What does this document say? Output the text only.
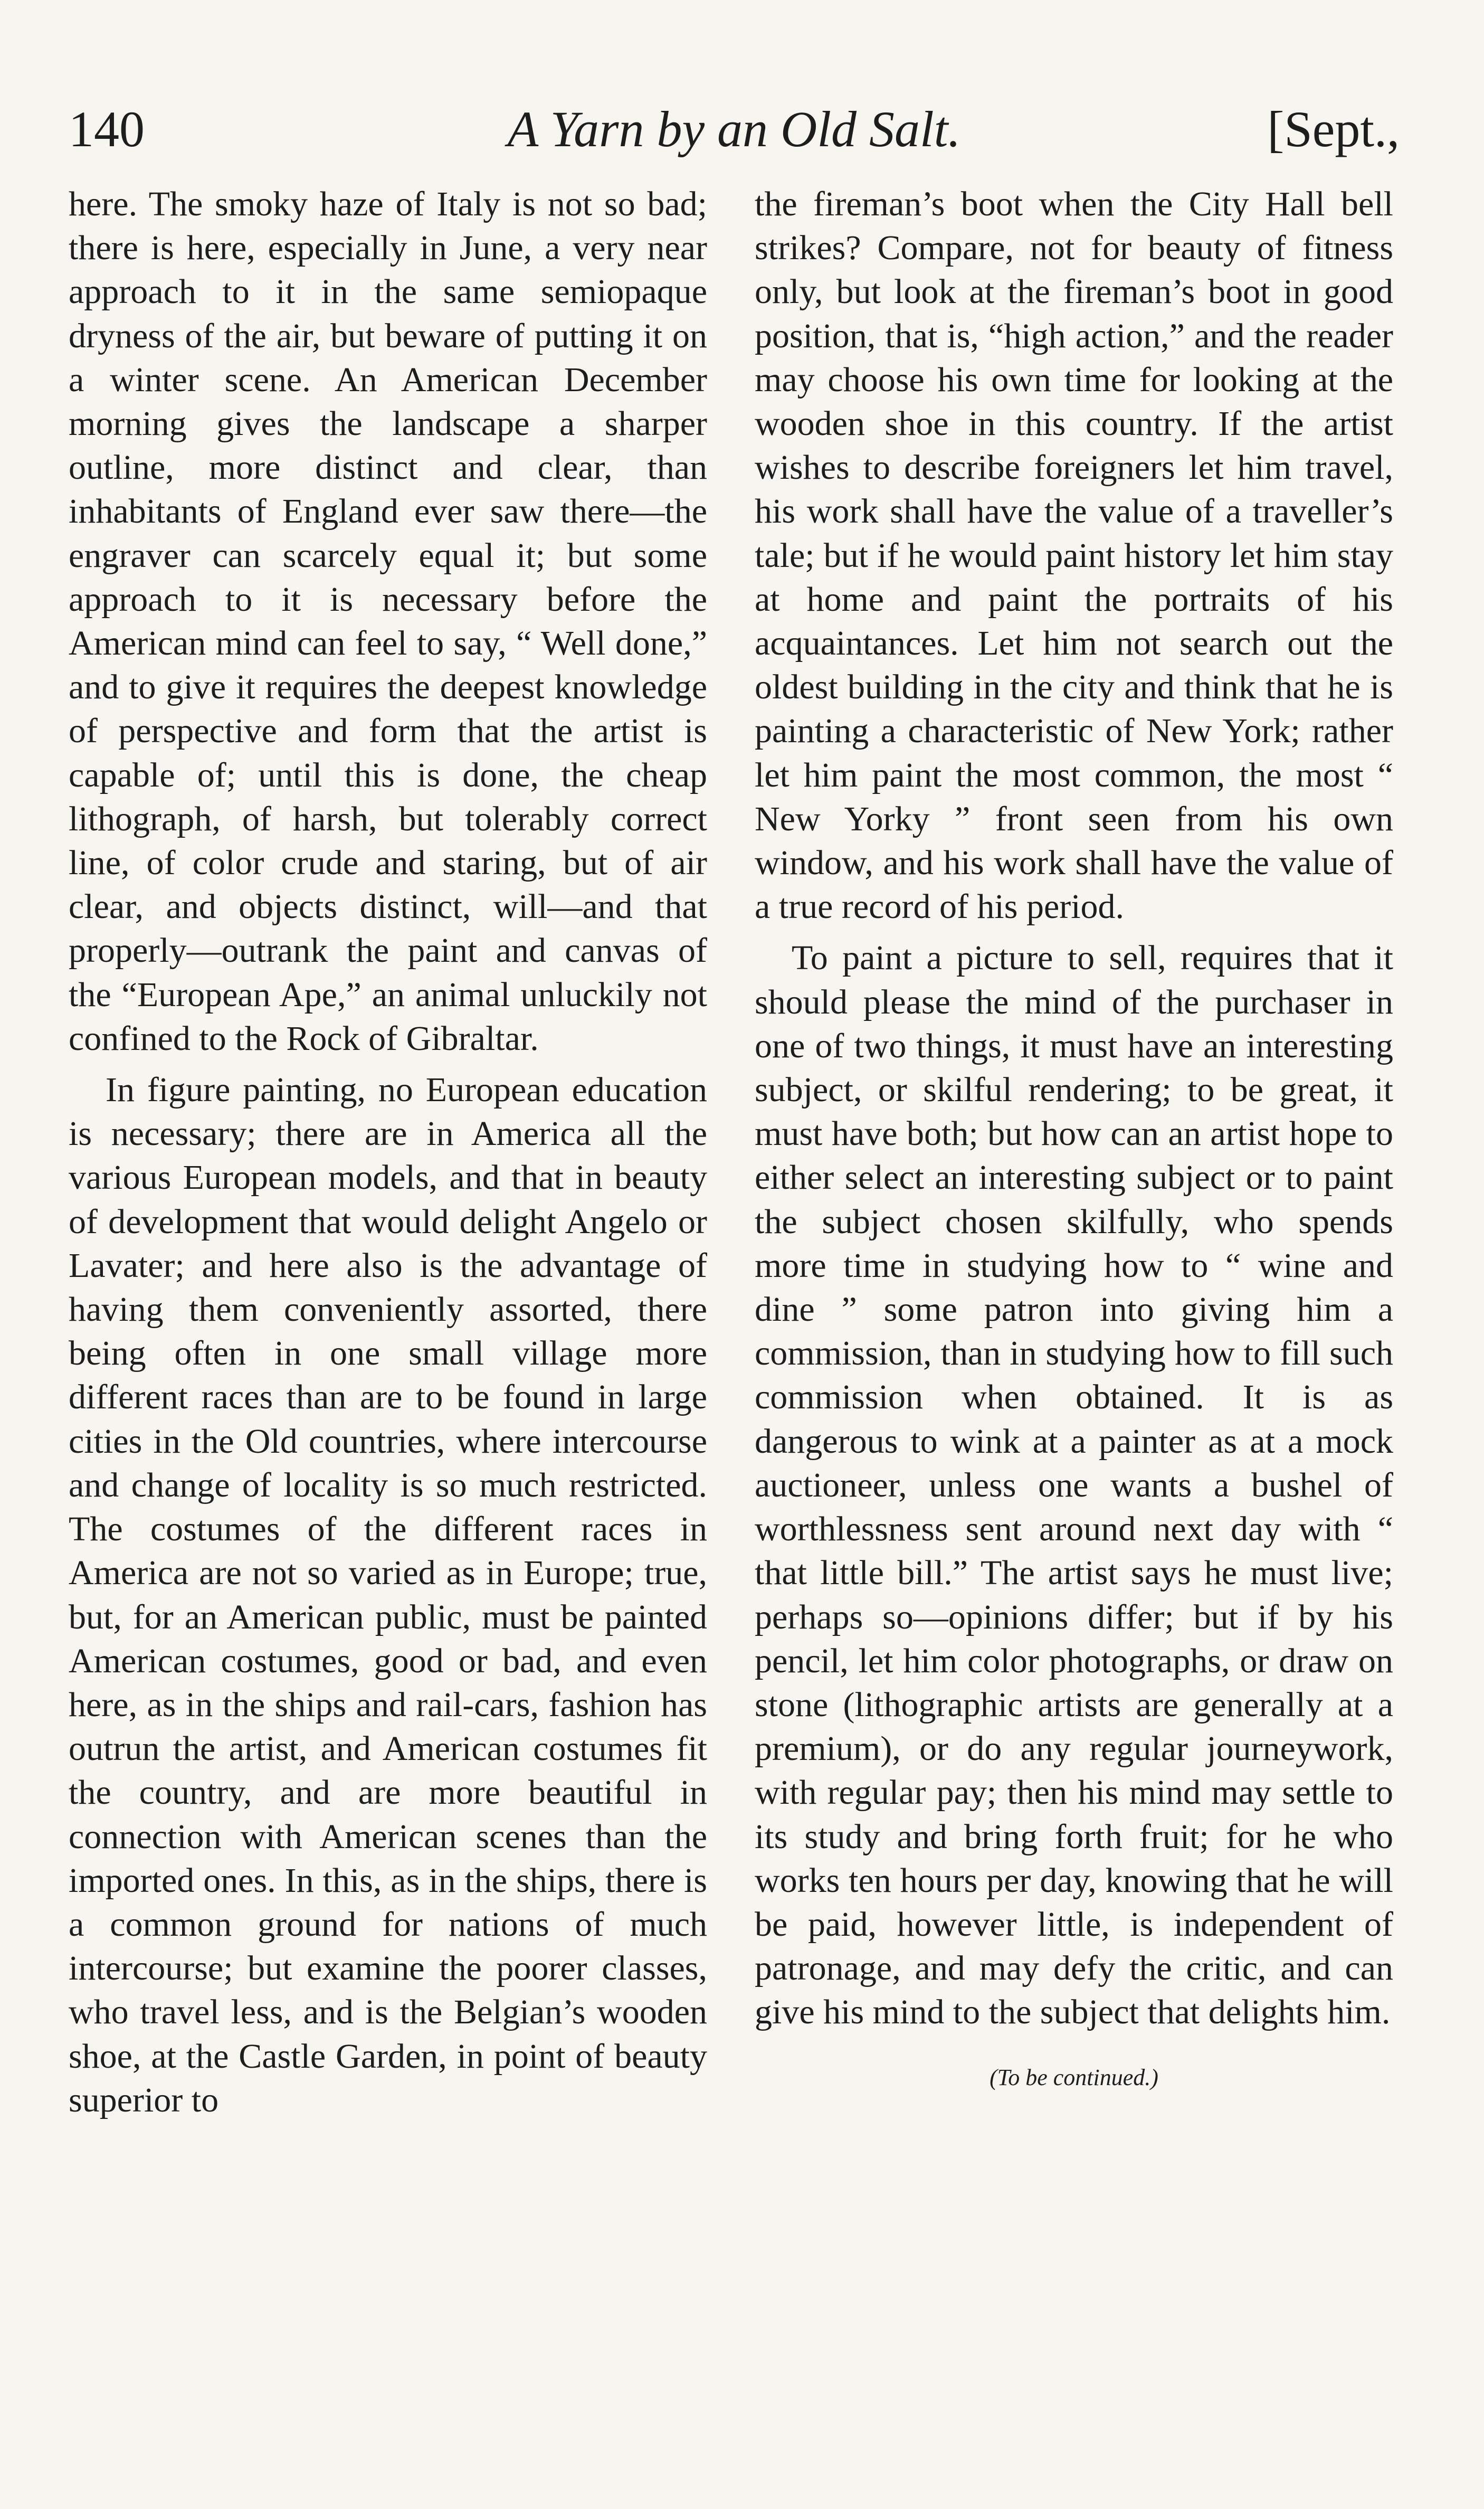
A Yarn by an Old Salt.
140	[Sept.,

here. The smoky haze of Italy is not so bad; there is here, especially in June, a very near approach to it in the same semiopaque dryness of the air, but beware of putting it on a winter scene. An American December morning gives the landscape a sharper outline, more distinct and clear, than inhabitants of England ever saw there—the engraver can scarcely equal it; but some approach to it is necessary before the American mind can feel to say, “ Well done,” and to give it requires the deepest knowledge of perspective and form that the artist is capable of; until this is done, the cheap lithograph, of harsh, but tolerably correct line, of color crude and staring, but of air clear, and objects distinct, will—and that properly—outrank the paint and canvas of the “European Ape,” an animal unluckily not confined to the Rock of Gibraltar.

In figure painting, no European education is necessary; there are in America all the various European models, and that in beauty of development that would delight Angelo or Lavater; and here also is the advantage of having them conveniently assorted, there being often in one small village more different races than are to be found in large cities in the Old countries, where intercourse and change of locality is so much restricted. The costumes of the different races in America are not so varied as in Europe; true, but, for an American public, must be painted American costumes, good or bad, and even here, as in the ships and rail-cars, fashion has outrun the artist, and American costumes fit the country, and are more beautiful in connection with American scenes than the imported ones. In this, as in the ships, there is a common ground for nations of much intercourse; but examine the poorer classes, who travel less, and is the Belgian’s wooden shoe, at the Castle Garden, in point of beauty superior to

the fireman’s boot when the City Hall bell strikes? Compare, not for beauty of fitness only, but look at the fireman’s boot in good position, that is, “high action,” and the reader may choose his own time for looking at the wooden shoe in this country. If the artist wishes to describe foreigners let him travel, his work shall have the value of a traveller’s tale; but if he would paint history let him stay at home and paint the portraits of his acquaintances. Let him not search out the oldest building in the city and think that he is painting a characteristic of New York; rather let him paint the most common, the most “ New Yorky ” front seen from his own window, and his work shall have the value of a true record of his period.

To paint a picture to sell, requires that it should please the mind of the purchaser in one of two things, it must have an interesting subject, or skilful rendering; to be great, it must have both; but how can an artist hope to either select an interesting subject or to paint the subject chosen skilfully, who spends more time in studying how to “ wine and dine ” some patron into giving him a commission, than in studying how to fill such commission when obtained. It is as dangerous to wink at a painter as at a mock auctioneer, unless one wants a bushel of worthlessness sent around next day with “ that little bill.” The artist says he must live; perhaps so—opinions differ; but if by his pencil, let him color photographs, or draw on stone (lithographic artists are generally at a premium), or do any regular journeywork, with regular pay; then his mind may settle to its study and bring forth fruit; for he who works ten hours per day, knowing that he will be paid, however little, is independent of patronage, and may defy the critic, and can give his mind to the subject that delights him.

(To be continued.)
